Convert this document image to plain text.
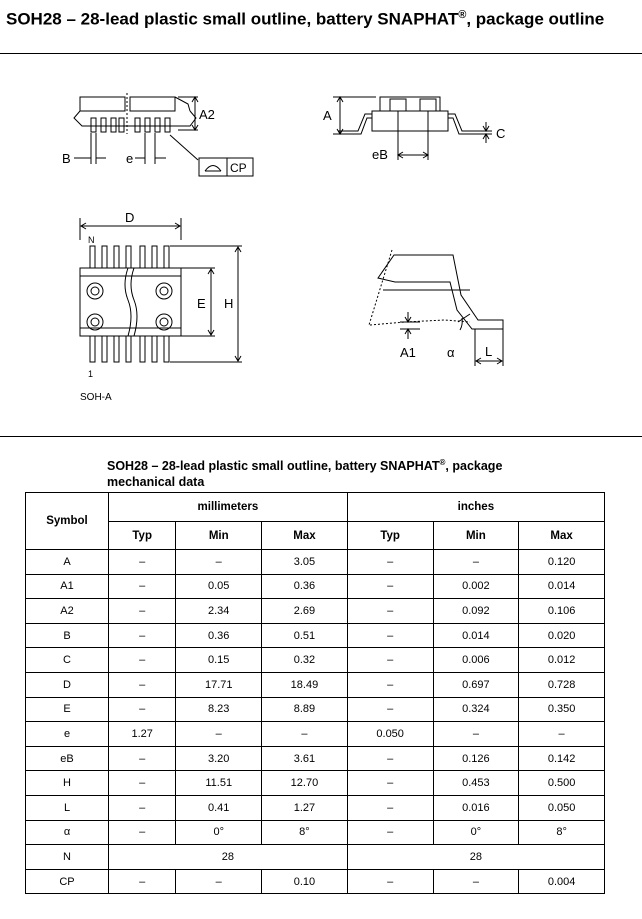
SOH28 – 28-lead plastic small outline, battery SNAPHAT®, package outline
A2
B	e
CP
A
C
eB
D
N
1
E H
A1 α L
SOH-A
SOH28 – 28-lead plastic small outline, battery SNAPHAT®, package
mechanical data
Symbol	millimeters			inches		
	Typ	Min	Max	Typ	Min	Max
A	–	–	3.05	–	–	0.120
A1	–	0.05	0.36	–	0.002	0.014
A2	–	2.34	2.69	–	0.092	0.106
B	–	0.36	0.51	–	0.014	0.020
C	–	0.15	0.32	–	0.006	0.012
D	–	17.71	18.49	–	0.697	0.728
E	–	8.23	8.89	–	0.324	0.350
e	1.27	–	–	0.050	–	–
eB	–	3.20	3.61	–	0.126	0.142
H	–	11.51	12.70	–	0.453	0.500
L	–	0.41	1.27	–	0.016	0.050
α	–	0°	8°	–	0°	8°
N	28			28		
CP	–	–	0.10	–	–	0.004
